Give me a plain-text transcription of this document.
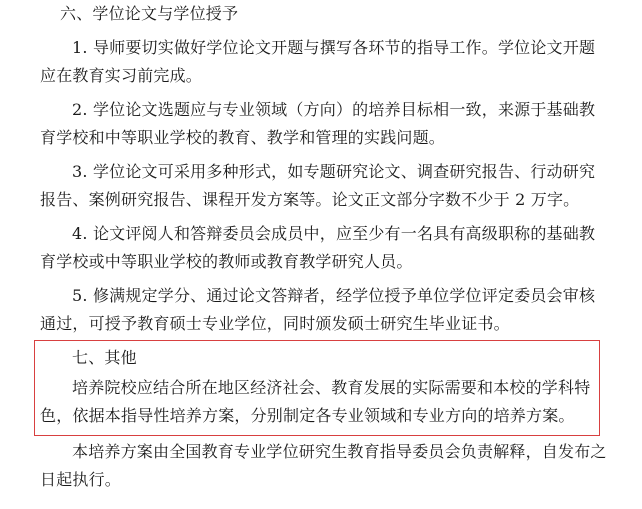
六、学位论文与学位授予
1. 导师要切实做好学位论文开题与撰写各环节的指导工作。学位论文开题
应在教育实习前完成。
2. 学位论文选题应与专业领域（方向）的培养目标相一致，来源于基础教
育学校和中等职业学校的教育、教学和管理的实践问题。
3. 学位论文可采用多种形式，如专题研究论文、调查研究报告、行动研究
报告、案例研究报告、课程开发方案等。论文正文部分字数不少于 2 万字。
4. 论文评阅人和答辩委员会成员中，应至少有一名具有高级职称的基础教
育学校或中等职业学校的教师或教育教学研究人员。
5. 修满规定学分、通过论文答辩者，经学位授予单位学位评定委员会审核
通过，可授予教育硕士专业学位，同时颁发硕士研究生毕业证书。
七、其他
培养院校应结合所在地区经济社会、教育发展的实际需要和本校的学科特
色，依据本指导性培养方案，分别制定各专业领域和专业方向的培养方案。
本培养方案由全国教育专业学位研究生教育指导委员会负责解释，自发布之
日起执行。
